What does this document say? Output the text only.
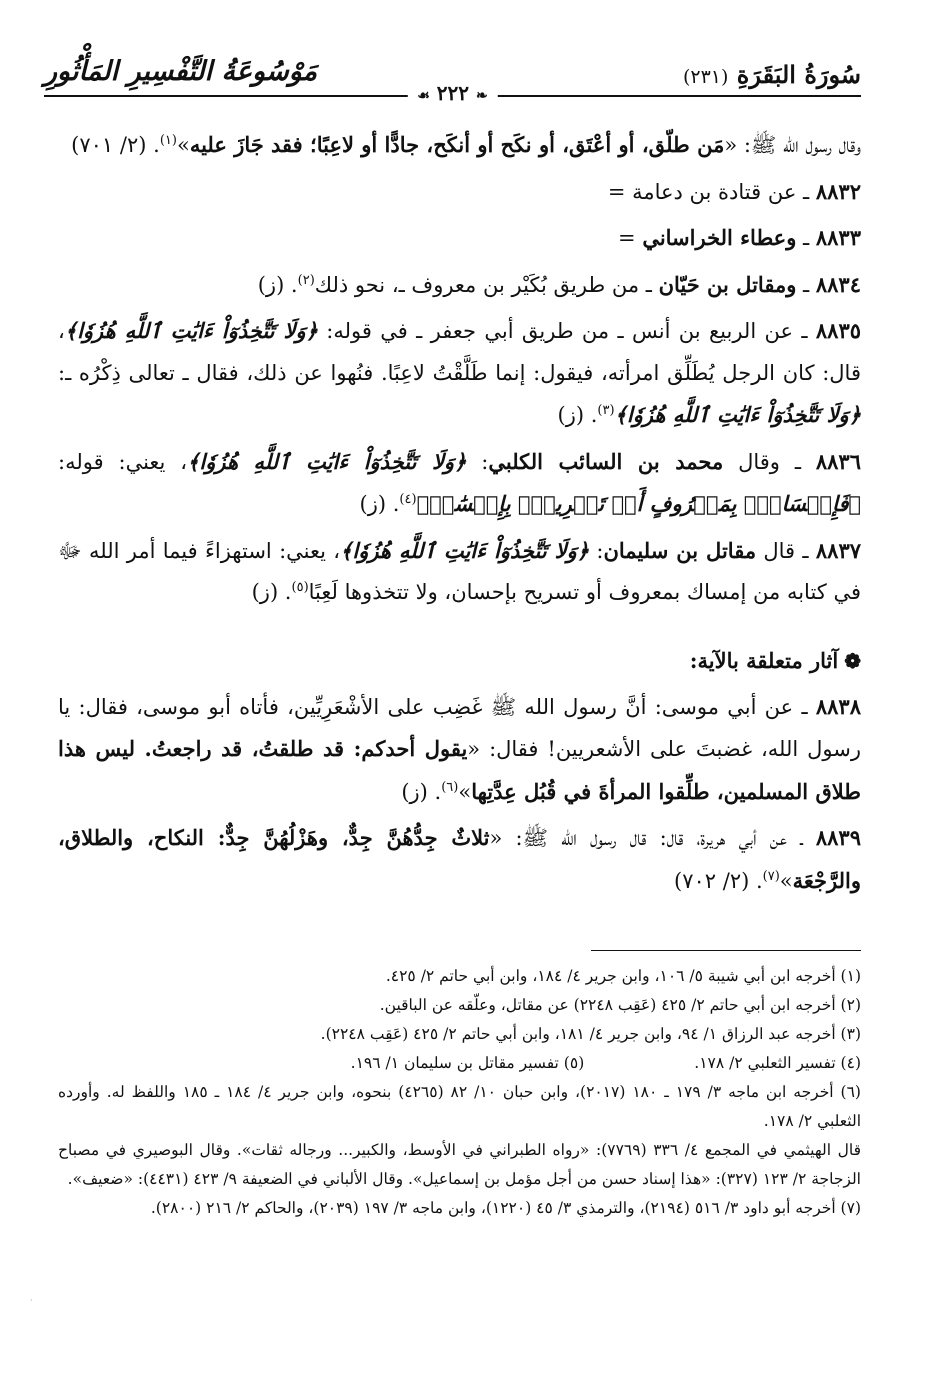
سُورَةُ البَقَرَةِ (٢٣١)
مَوْسُوعَةُ التَّفْسِيرِ المَأْثُورِ
❧ ٢٢٢ ☙

وقال رسول الله ﷺ: «مَن طلّق، أو أعْتَق، أو نكَح أو أنكَح، جادًّا أو لاعِبًا؛ فقد جَازَ عليه»$^{(١)}$. (٢/ ٧٠١)

٨٨٣٢ ـ عن قتادة بن دعامة =

٨٨٣٣ ـ وعطاء الخراساني =

٨٨٣٤ ـ ومقاتل بن حَيّان ـ من طريق بُكَيْر بن معروف ـ، نحو ذلك$^{(٢)}$. (ز)

٨٨٣٥ ـ عن الربيع بن أنس ـ من طريق أبي جعفر ـ في قوله: ﴿وَلَا تَتَّخِذُوٓاْ ءَايَٰتِ ٱللَّهِ هُزُوٗا﴾، قال: كان الرجل يُطَلِّق امرأته، فيقول: إنما طَلَّقْتُ لاعِبًا. فنُهوا عن ذلك، فقال ـ تعالى ذِكْرُه ـ: ﴿وَلَا تَتَّخِذُوٓاْ ءَايَٰتِ ٱللَّهِ هُزُوٗا﴾$^{(٣)}$. (ز)

٨٨٣٦ ـ وقال محمد بن السائب الكلبي: ﴿وَلَا تَتَّخِذُوٓاْ ءَايَٰتِ ٱللَّهِ هُزُوٗا﴾، يعني: قوله: ﴿فَإِمۡسَاكُۢ بِمَعۡرُوفٍ أَوۡ تَسۡرِيحُۢ بِإِحۡسَٰنٖ﴾$^{(٤)}$. (ز)

٨٨٣٧ ـ قال مقاتل بن سليمان: ﴿وَلَا تَتَّخِذُوٓاْ ءَايَٰتِ ٱللَّهِ هُزُوٗا﴾، يعني: استهزاءً فيما أمر الله ﷻ في كتابه من إمساك بمعروف أو تسريح بإحسان، ولا تتخذوها لَعِبًا$^{(٥)}$. (ز)

❁آثار متعلقة بالآية:

٨٨٣٨ ـ عن أبي موسى: أنَّ رسول الله ﷺ غَضِب على الأشْعَرِيِّين، فأتاه أبو موسى، فقال: يا رسول الله، غضبتَ على الأشعريين! فقال: «يقول أحدكم: قد طلقتُ، قد راجعتُ. ليس هذا طلاق المسلمين، طلِّقوا المرأةَ في قُبُل عِدَّتِها»$^{(٦)}$. (ز)

٨٨٣٩ ـ عن أبي هريرة، قال: قال رسول الله ﷺ: «ثلاثٌ جِدُّهُنَّ جِدٌّ، وهَزْلُهُنَّ جِدٌّ: النكاح، والطلاق، والرَّجْعَة»$^{(٧)}$. (٢/ ٧٠٢)

(١) أخرجه ابن أبي شيبة ٥/ ١٠٦، وابن جرير ٤/ ١٨٤، وابن أبي حاتم ٢/ ٤٢٥.

(٢) أخرجه ابن أبي حاتم ٢/ ٤٢٥ (عَقِب ٢٢٤٨) عن مقاتل، وعلّقه عن الباقين.

(٣) أخرجه عبد الرزاق ١/ ٩٤، وابن جرير ٤/ ١٨١، وابن أبي حاتم ٢/ ٤٢٥ (عَقِب ٢٢٤٨).

(٤) تفسير الثعلبي ٢/ ١٧٨.(٥) تفسير مقاتل بن سليمان ١/ ١٩٦.

(٦) أخرجه ابن ماجه ٣/ ١٧٩ ـ ١٨٠ (٢٠١٧)، وابن حبان ١٠/ ٨٢ (٤٢٦٥) بنحوه، وابن جرير ٤/ ١٨٤ ـ ١٨٥ واللفظ له. وأورده الثعلبي ٢/ ١٧٨.

قال الهيثمي في المجمع ٤/ ٣٣٦ (٧٧٦٩): «رواه الطبراني في الأوسط، والكبير... ورجاله ثقات». وقال البوصيري في مصباح الزجاجة ٢/ ١٢٣ (٣٢٧): «هذا إسناد حسن من أجل مؤمل بن إسماعيل». وقال الألباني في الضعيفة ٩/ ٤٢٣ (٤٤٣١): «ضعيف».

(٧) أخرجه أبو داود ٣/ ٥١٦ (٢١٩٤)، والترمذي ٣/ ٤٥ (١٢٢٠)، وابن ماجه ٣/ ١٩٧ (٢٠٣٩)، والحاكم ٢/ ٢١٦ (٢٨٠٠).

·
